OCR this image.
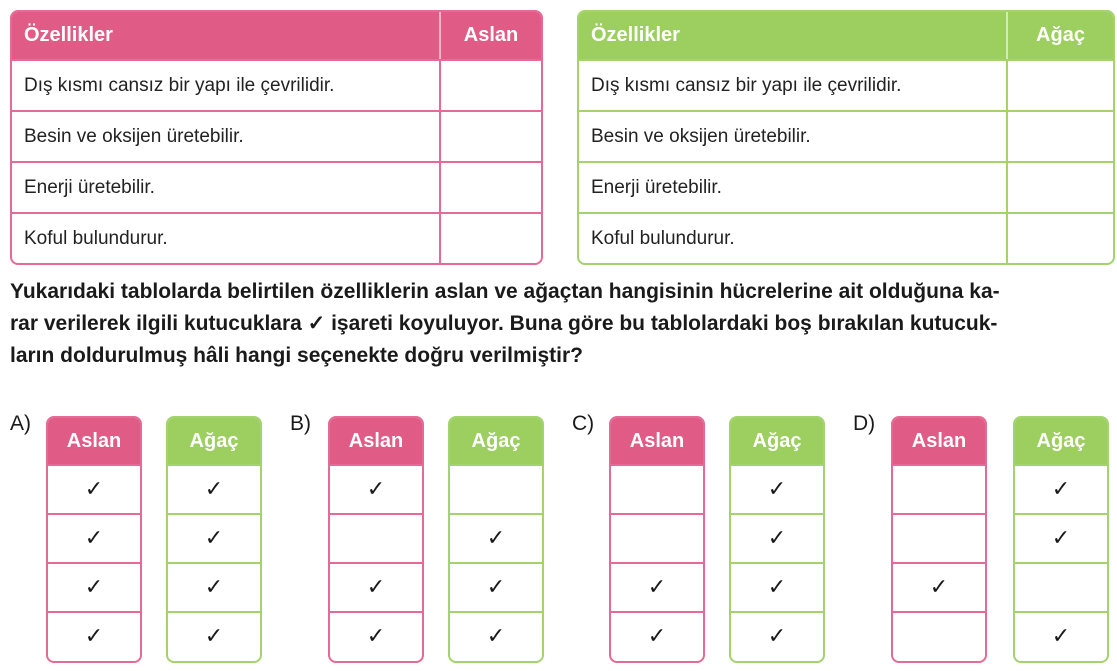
Özellikler	Aslan
Dış kısmı cansız bir yapı ile çevrilidir.
Besin ve oksijen üretebilir.
Enerji üretebilir.
Koful bulundurur.
Özellikler	Ağaç
Dış kısmı cansız bir yapı ile çevrilidir.
Besin ve oksijen üretebilir.
Enerji üretebilir.
Koful bulundurur.
Yukarıdaki tablolarda belirtilen özelliklerin aslan ve ağaçtan hangisinin hücrelerine ait olduğuna ka-
rar verilerek ilgili kutucuklara ✓ işareti koyuluyor. Buna göre bu tablolardaki boş bırakılan kutucuk-
ların doldurulmuş hâli hangi seçenekte doğru verilmiştir?
A)
Aslan
✓
✓
✓
✓
Ağaç
✓
✓
✓
✓
B)
Aslan
✓
✓
✓
Ağaç
✓
✓
✓
C)
Aslan
✓
✓
Ağaç
✓
✓
✓
✓
D)
Aslan
✓
Ağaç
✓
✓
✓
